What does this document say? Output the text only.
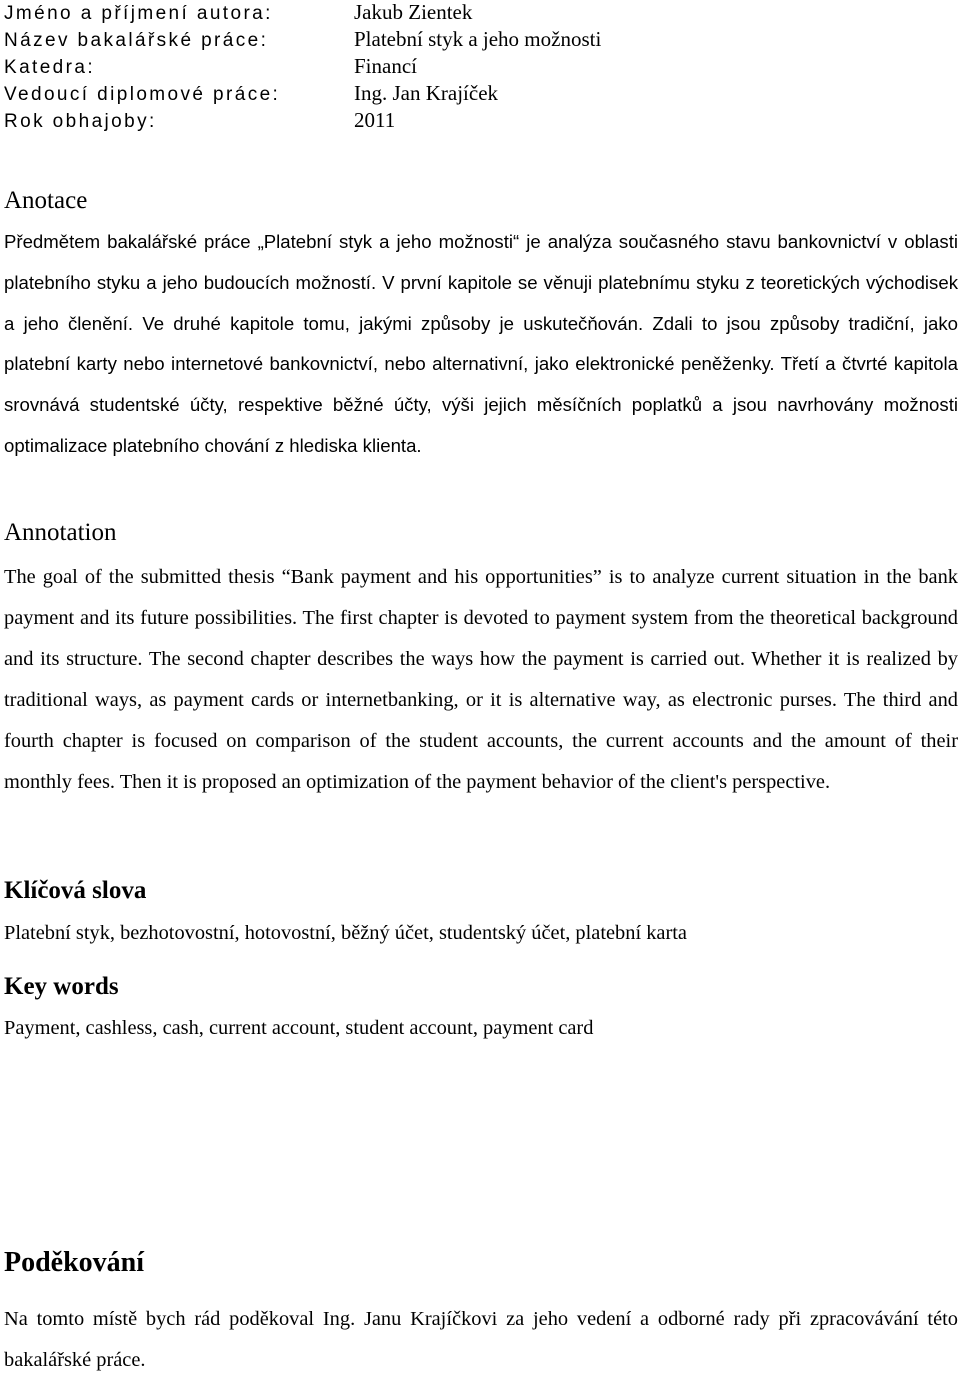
Jméno a příjmení autora:	Jakub Zientek
Název bakalářské práce:	Platební styk a jeho možnosti
Katedra:	Financí
Vedoucí diplomové práce:	Ing. Jan Krajíček
Rok obhajoby:	2011
Anotace

Předmětem bakalářské práce „Platební styk a jeho možnosti“ je analýza současného stavu bankovnictví v oblasti platebního styku a jeho budoucích možností. V první kapitole se věnuji platebnímu styku z teoretických východisek a jeho členění. Ve druhé kapitole tomu, jakými způsoby je uskutečňován. Zdali to jsou způsoby tradiční, jako platební karty nebo internetové bankovnictví, nebo alternativní, jako elektronické peněženky. Třetí a čtvrté kapitola srovnává studentské účty, respektive běžné účty, výši jejich měsíčních poplatků a jsou navrhovány možnosti optimalizace platebního chování z hlediska klienta.

Annotation

The goal of the submitted thesis “Bank payment and his opportunities” is to analyze current situation in the bank payment and its future possibilities. The first chapter is devoted to payment system from the theoretical background and its structure. The second chapter describes the ways how the payment is carried out. Whether it is realized by traditional ways, as payment cards or internetbanking, or it is alternative way, as electronic purses. The third and fourth chapter is focused on comparison of the student accounts, the current accounts and the amount of their monthly fees. Then it is proposed an optimization of the payment behavior of the client's perspective.

Klíčová slova

Platební styk, bezhotovostní, hotovostní, běžný účet, studentský účet, platební karta

Key words

Payment, cashless, cash, current account, student account, payment card

Poděkování

Na tomto místě bych rád poděkoval Ing. Janu Krajíčkovi za jeho vedení a odborné rady při zpracovávání této bakalářské práce.
